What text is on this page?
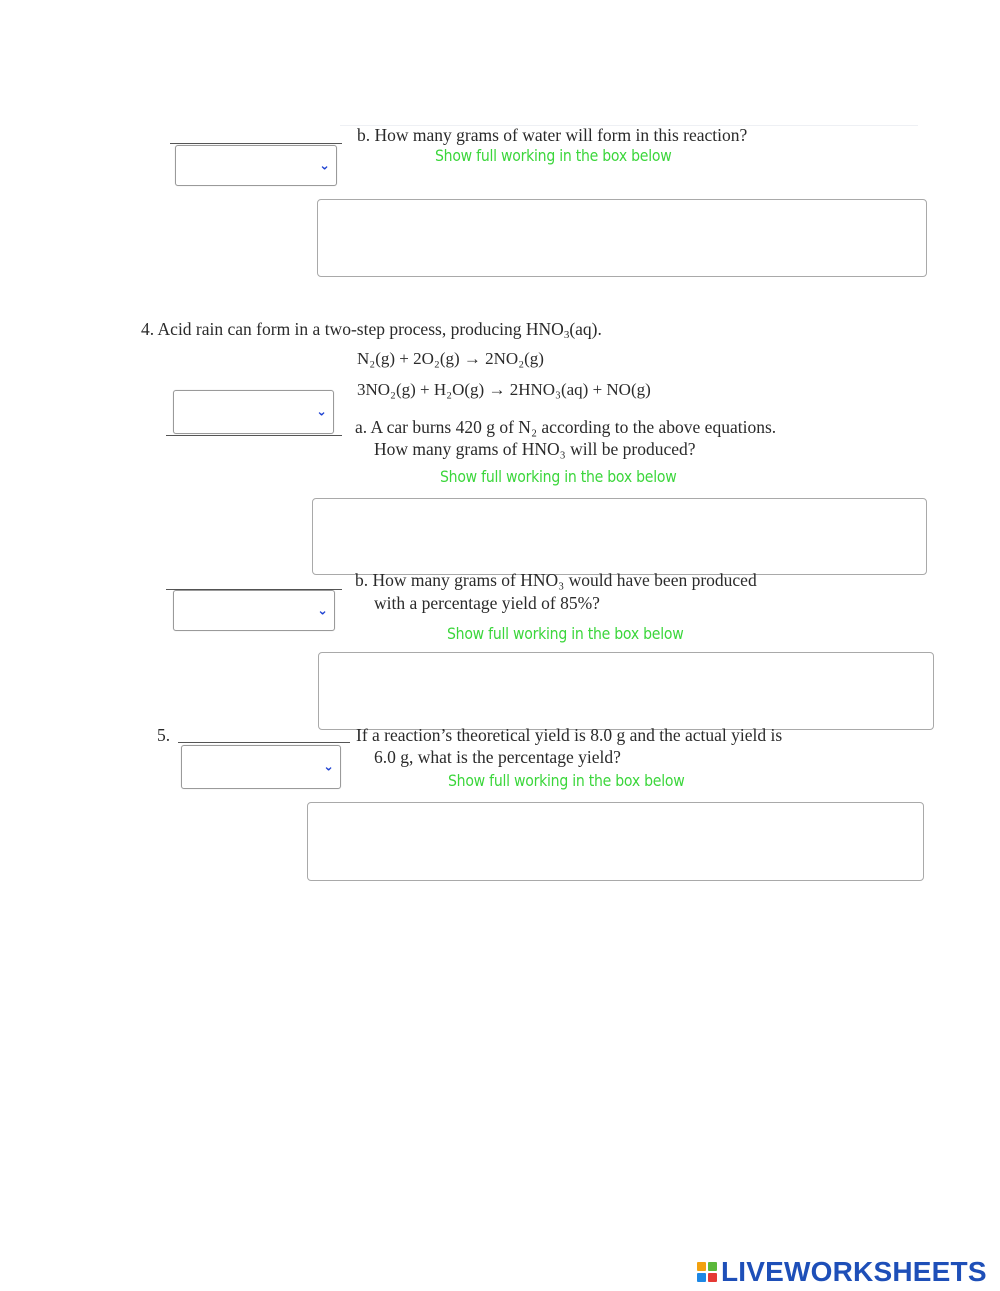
⌄
b. How many grams of water will form in this reaction?
Show full working in the box below
4. Acid rain can form in a two-step process, producing $HNO_3(aq)$.
N₂(g) + 2O₂(g) → 2NO₂(g)
3NO₂(g) + H₂O(g) → 2HNO₃(aq) + NO(g)
⌄
a. A car burns 420 g of N₂ according to the above equations.
How many grams of HNO₃ will be produced?
Show full working in the box below
⌄
b. How many grams of HNO₃ would have been produced
with a percentage yield of 85%?
Show full working in the box below
5.
⌄
If a reaction’s theoretical yield is 8.0 g and the actual yield is
6.0 g, what is the percentage yield?
Show full working in the box below
LIVEWORKSHEETS
